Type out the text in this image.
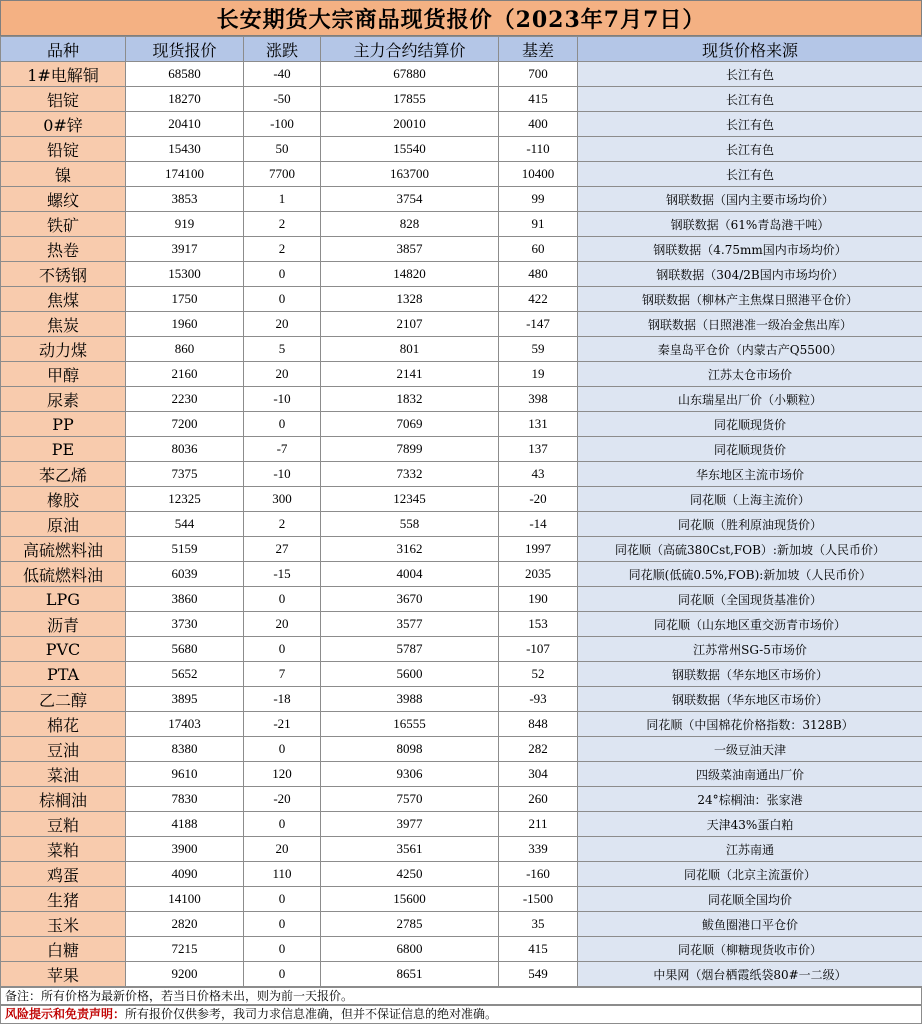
长安期货大宗商品现货报价（2023年7月7日）
品种	现货报价	涨跌	主力合约结算价	基差	现货价格来源
1#电解铜	68580	-40	67880	700	长江有色
铝锭	18270	-50	17855	415	长江有色
0#锌	20410	-100	20010	400	长江有色
铅锭	15430	50	15540	-110	长江有色
镍	174100	7700	163700	10400	长江有色
螺纹	3853	1	3754	99	钢联数据（国内主要市场均价）
铁矿	919	2	828	91	钢联数据（61%青岛港干吨）
热卷	3917	2	3857	60	钢联数据（4.75mm国内市场均价）
不锈钢	15300	0	14820	480	钢联数据（304/2B国内市场均价）
焦煤	1750	0	1328	422	钢联数据（柳林产主焦煤日照港平仓价）
焦炭	1960	20	2107	-147	钢联数据（日照港准一级冶金焦出库）
动力煤	860	5	801	59	秦皇岛平仓价（内蒙古产Q5500）
甲醇	2160	20	2141	19	江苏太仓市场价
尿素	2230	-10	1832	398	山东瑞星出厂价（小颗粒）
PP	7200	0	7069	131	同花顺现货价
PE	8036	-7	7899	137	同花顺现货价
苯乙烯	7375	-10	7332	43	华东地区主流市场价
橡胶	12325	300	12345	-20	同花顺（上海主流价）
原油	544	2	558	-14	同花顺（胜利原油现货价）
高硫燃料油	5159	27	3162	1997	同花顺（高硫380Cst,FOB）:新加坡（人民币价）
低硫燃料油	6039	-15	4004	2035	同花顺(低硫0.5%,FOB):新加坡（人民币价）
LPG	3860	0	3670	190	同花顺（全国现货基准价）
沥青	3730	20	3577	153	同花顺（山东地区重交沥青市场价）
PVC	5680	0	5787	-107	江苏常州SG-5市场价
PTA	5652	7	5600	52	钢联数据（华东地区市场价）
乙二醇	3895	-18	3988	-93	钢联数据（华东地区市场价）
棉花	17403	-21	16555	848	同花顺（中国棉花价格指数：3128B）
豆油	8380	0	8098	282	一级豆油天津
菜油	9610	120	9306	304	四级菜油南通出厂价
棕榈油	7830	-20	7570	260	24°棕榈油：张家港
豆粕	4188	0	3977	211	天津43%蛋白粕
菜粕	3900	20	3561	339	江苏南通
鸡蛋	4090	110	4250	-160	同花顺（北京主流蛋价）
生猪	14100	0	15600	-1500	同花顺全国均价
玉米	2820	0	2785	35	鲅鱼圈港口平仓价
白糖	7215	0	6800	415	同花顺（柳糖现货收市价）
苹果	9200	0	8651	549	中果网（烟台栖霞纸袋80#一二级）
备注：所有价格为最新价格，若当日价格未出，则为前一天报价。
风险提示和免责声明：所有报价仅供参考，我司力求信息准确，但并不保证信息的绝对准确。
